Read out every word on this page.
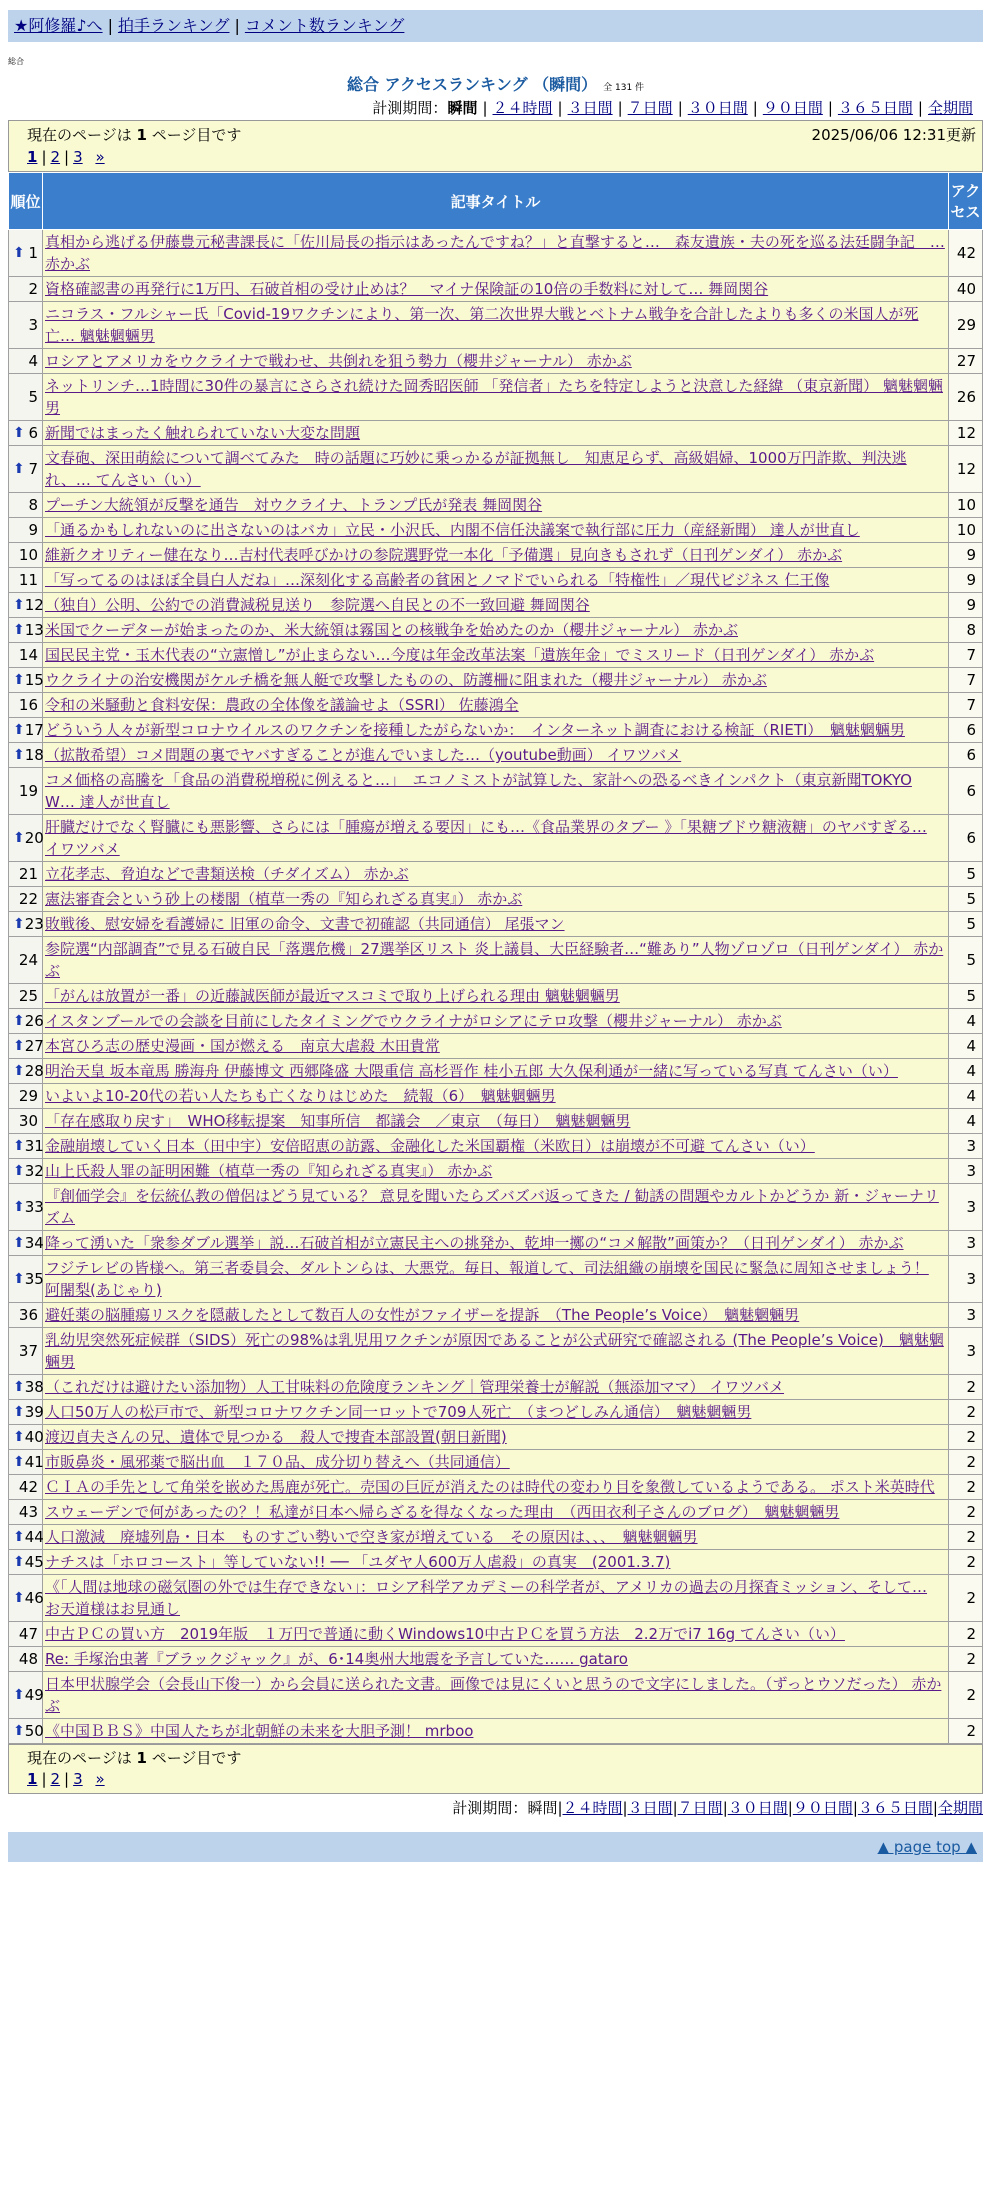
★阿修羅♪へ | 拍手ランキング | コメント数ランキング
総合
総合 アクセスランキング （瞬間） 全 131 件
計測期間：瞬間 | ２４時間 | ３日間 | ７日間 | ３０日間 | ９０日間 | ３６５日間 | 全期間
現在のページは 1 ページ目です	2025/06/06 12:31更新
1 | 2 | 3 »
順位	記事タイトル	アクセス

⬆ 1	真相から逃げる伊藤豊元秘書課長に「佐川局長の指示はあったんですね？」と直撃すると…　森友遺族・夫の死を巡る法廷闘争記　… 赤かぶ	42
2	資格確認書の再発行に1万円、石破首相の受け止めは？　マイナ保険証の10倍の手数料に対して… 舞岡関谷	40
3	ニコラス・フルシャー氏「Covid-19ワクチンにより、第一次、第二次世界大戦とベトナム戦争を合計したよりも多くの米国人が死亡… 魑魅魍魎男	29
4	ロシアとアメリカをウクライナで戦わせ、共倒れを狙う勢力（櫻井ジャーナル） 赤かぶ	27
5	ネットリンチ…1時間に30件の暴言にさらされ続けた岡秀昭医師 「発信者」たちを特定しようと決意した経緯 （東京新聞） 魑魅魍魎男	26

⬆ 6	新聞ではまったく触れられていない大変な問題	12

⬆ 7	文春砲、深田萌絵について調べてみた　時の話題に巧妙に乗っかるが証拠無し　知恵足らず、高級娼婦、1000万円詐欺、判決逃れ、… てんさい（い）	12
8	プーチン大統領が反撃を通告　対ウクライナ、トランプ氏が発表 舞岡関谷	10
9	「通るかもしれないのに出さないのはバカ」立民・小沢氏、内閣不信任決議案で執行部に圧力（産経新聞） 達人が世直し	10
10	維新クオリティー健在なり…吉村代表呼びかけの参院選野党一本化「予備選」見向きもされず（日刊ゲンダイ） 赤かぶ	9
11	「写ってるのはほぼ全員白人だね」…深刻化する高齢者の貧困とノマドでいられる「特権性」／現代ビジネス 仁王像	9

⬆ 12	（独自）公明、公約での消費減税見送り　参院選へ自民との不一致回避 舞岡関谷	9

⬆ 13	米国でクーデターが始まったのか、米大統領は霧国との核戦争を始めたのか（櫻井ジャーナル） 赤かぶ	8
14	国民民主党・玉木代表の“立憲憎し”が止まらない…今度は年金改革法案「遺族年金」でミスリード（日刊ゲンダイ） 赤かぶ	7

⬆ 15	ウクライナの治安機関がケルチ橋を無人艇で攻撃したものの、防護柵に阻まれた（櫻井ジャーナル） 赤かぶ	7
16	令和の米騒動と食料安保：農政の全体像を議論せよ（SSRI） 佐藤鴻全	7

⬆ 17	どういう人々が新型コロナウイルスのワクチンを接種したがらないか：　インターネット調査における検証（RIETI）　魑魅魍魎男	6

⬆ 18	（拡散希望）コメ問題の裏でヤバすぎることが進んでいました…（youtube動画） イワツバメ	6
19	コメ価格の高騰を「食品の消費税増税に例えると…」　エコノミストが試算した、家計への恐るべきインパクト（東京新聞TOKYO W… 達人が世直し	6

⬆ 20	肝臓だけでなく腎臓にも悪影響、さらには「腫瘍が増える要因」にも…《食品業界のタブー 》「果糖ブドウ糖液糖」のヤバすぎる… イワツバメ	6
21	立花孝志、脅迫などで書類送検（チダイズム） 赤かぶ	5
22	憲法審査会という砂上の楼閣（植草一秀の『知られざる真実』） 赤かぶ	5

⬆ 23	敗戦後、慰安婦を看護婦に 旧軍の命令、文書で初確認（共同通信） 尾張マン	5
24	参院選“内部調査”で見る石破自民「落選危機」27選挙区リスト 炎上議員、大臣経験者…“難あり”人物ゾロゾロ（日刊ゲンダイ） 赤かぶ	5
25	「がんは放置が一番」の近藤誠医師が最近マスコミで取り上げられる理由 魑魅魍魎男	5

⬆ 26	イスタンブールでの会談を目前にしたタイミングでウクライナがロシアにテロ攻撃（櫻井ジャーナル） 赤かぶ	4

⬆ 27	本宮ひろ志の歴史漫画・国が燃える　南京大虐殺 木田貴常	4

⬆ 28	明治天皇 坂本竜馬 勝海舟 伊藤博文 西郷隆盛 大隈重信 高杉晋作 桂小五郎 大久保利通が一緒に写っている写真 てんさい（い）	4
29	いよいよ10-20代の若い人たちも亡くなりはじめた　続報（6）　魑魅魍魎男	4
30	「存在感取り戻す」　WHO移転提案　知事所信　都議会　／東京　（毎日）　魑魅魍魎男	4

⬆ 31	金融崩壊していく日本（田中宇）安倍昭恵の訪露、金融化した米国覇権（米欧日）は崩壊が不可避 てんさい（い）	3

⬆ 32	山上氏殺人罪の証明困難（植草一秀の『知られざる真実』） 赤かぶ	3

⬆ 33	『創価学会』を伝統仏教の僧侶はどう見ている？ 意見を聞いたらズバズバ返ってきた / 勧誘の問題やカルトかどうか 新・ジャーナリズム	3

⬆ 34	降って湧いた「衆参ダブル選挙」説…石破首相が立憲民主への挑発か、乾坤一擲の“コメ解散”画策か？（日刊ゲンダイ） 赤かぶ	3

⬆ 35	フジテレビの皆様へ。第三者委員会、ダルトンらは、大悪党。毎日、報道して、司法組織の崩壊を国民に緊急に周知させましょう！ 阿闍梨(あじゃり)	3
36	避妊薬の脳腫瘍リスクを隠蔽したとして数百人の女性がファイザーを提訴　（The People’s Voice）　魑魅魍魎男	3
37	乳幼児突然死症候群（SIDS）死亡の98%は乳児用ワクチンが原因であることが公式研究で確認される (The People’s Voice)　魑魅魍魎男	3

⬆ 38	（これだけは避けたい添加物）人工甘味料の危険度ランキング｜管理栄養士が解説（無添加ママ） イワツバメ	2

⬆ 39	人口50万人の松戸市で、新型コロナワクチン同一ロットで709人死亡　（まつどしみん通信）　魑魅魍魎男	2

⬆ 40	渡辺貞夫さんの兄、遺体で見つかる　殺人で捜査本部設置(朝日新聞)	2

⬆ 41	市販鼻炎・風邪薬で脳出血　１７０品、成分切り替えへ（共同通信）	2
42	ＣＩＡの手先として角栄を嵌めた馬鹿が死亡。売国の巨匠が消えたのは時代の変わり目を象徴しているようである。 ポスト米英時代	2
43	スウェーデンで何があったの？！私達が日本へ帰らざるを得なくなった理由　（西田衣利子さんのブログ）　魑魅魍魎男	2

⬆ 44	人口激減　廃墟列島・日本　ものすごい勢いで空き家が増えている　その原因は、、、　魑魅魍魎男	2

⬆ 45	ナチスは「ホロコースト」等していない!! ── 「ユダヤ人600万人虐殺」の真実　(2001.3.7)	2

⬆ 46	《「人間は地球の磁気圏の外では生存できない」：ロシア科学アカデミーの科学者が、アメリカの過去の月探査ミッション、そして… お天道様はお見通し	2
47	中古ＰＣの買い方　2019年版　１万円で普通に動くWindows10中古ＰＣを買う方法　2.2万でi7 16g てんさい（い）	2
48	Re: 手塚治虫著『ブラックジャック』が、6･14奥州大地震を予言していた…… gataro	2

⬆ 49	日本甲状腺学会（会長山下俊一）から会員に送られた文書。画像では見にくいと思うので文字にしました。（ずっとウソだった） 赤かぶ	2

⬆ 50	《中国ＢＢＳ》中国人たちが北朝鮮の未来を大胆予測！ mrboo	2
現在のページは 1 ページ目です
1 | 2 | 3 »
計測期間：瞬間|２４時間|３日間|７日間|３０日間|９０日間|３６５日間|全期間
▲ page top ▲
